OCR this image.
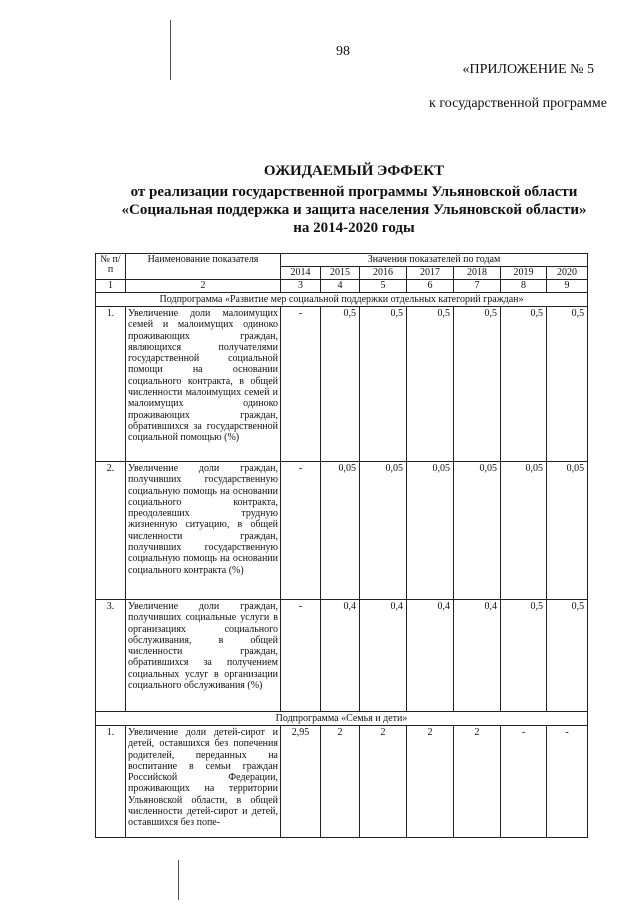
98
«ПРИЛОЖЕНИЕ № 5
к государственной программе
ОЖИДАЕМЫЙ ЭФФЕКТ
от реализации государственной программы Ульяновской области
«Социальная поддержка и защита населения Ульяновской области»
на 2014-2020 годы
№ п/п	Наименование показателя	Значения показателей по годам						
		2014	2015	2016	2017	2018	2019	2020
1	2	3	4	5	6	7	8	9
Подпрограмма «Развитие мер социальной поддержки отдельных категорий граждан»								
1.	Увеличение доли малоимущих семей и малоимущих одиноко проживающих граждан, являющихся получателями государственной социальной помощи на основании социального контракта, в общей численности малоимущих семей и малоимущих одиноко проживающих граждан, обратившихся за государственной социальной помощью (%)	-	0,5	0,5	0,5	0,5	0,5	0,5
2.	Увеличение доли граждан, получивших государственную социальную помощь на основании социального контракта, преодолевших трудную жизненную ситуацию, в общей численности граждан, получивших государственную социальную помощь на основании социального контракта (%)	-	0,05	0,05	0,05	0,05	0,05	0,05
3.	Увеличение доли граждан, получивших социальные услуги в организациях социального обслуживания, в общей численности граждан, обратившихся за получением социальных услуг в организации социального обслуживания (%)	-	0,4	0,4	0,4	0,4	0,5	0,5
Подпрограмма «Семья и дети»								
1.	Увеличение доли детей-сирот и детей, оставшихся без попечения родителей, переданных на воспитание в семьи граждан Российской Федерации, проживающих на территории Ульяновской области, в общей численности детей-сирот и детей, оставшихся без попе-	2,95	2	2	2	2	-	-
